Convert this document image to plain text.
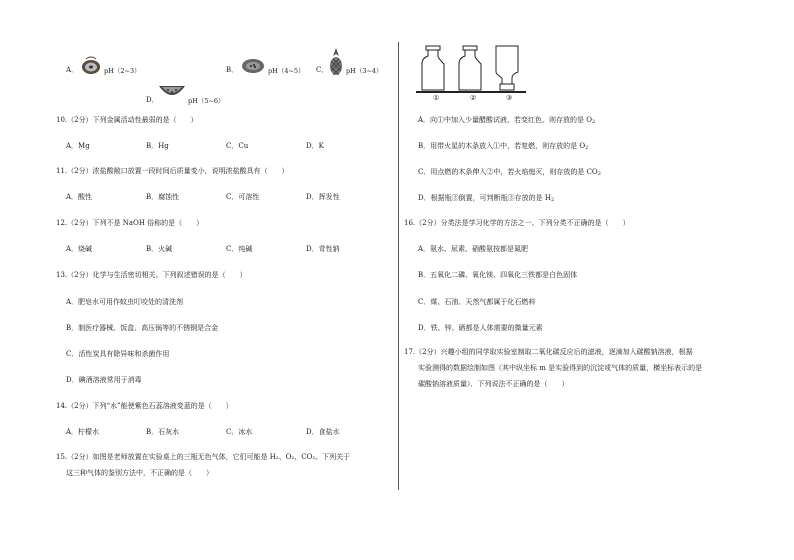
A．	pH（2~3）	B．	pH（4~5） C．	pH（3~4）
D．	pH（5~6）
10.（2分）下列金属活动性最弱的是（　　）
A．Mg	B．Hg	C．Cu	D．K
11.（2分）浓盐酸敞口放置一段时间后质量变小，说明浓盐酸具有（　　）
A．酸性	B．腐蚀性	C．可溶性	D．挥发性
12.（2分）下列不是 NaOH 俗称的是（　　）
A．烧碱	B．火碱	C．纯碱	D．苛性钠
13.（2分）化学与生活密切相关。下列叙述错误的是（　　）
A．肥皂水可用作蚊虫叮咬处的清洗剂
B．制医疗器械、饭盒、高压锅等的不锈钢是合金
C．活性炭具有除异味和杀菌作用
D．碘酒溶液常用于消毒
14.（2分）下列“水”能使紫色石蕊溶液变蓝的是（　　）
A．柠檬水	B．石灰水	C．冰水	D．食盐水
15.（2分）如图是老师放置在实验桌上的三瓶无色气体，它们可能是 H₂、O₂、CO₂。下列关于
这三种气体的鉴别方法中，不正确的是（　　）
①	②	③
A．向①中加入少量醋酸试液，若变红色，则存放的是 $O_2$
B．用带火星的木条放入①中，若复燃，则存放的是 $O_2$
C．用点燃的木条伸入②中，若火焰熄灭，则存放的是 $CO_2$
D．根据瓶③倒置，可判断瓶③存放的是 $H_2$
16.（2分）分类法是学习化学的方法之一。下列分类不正确的是（　　）
A．氨水、尿素、硝酸氨按都是氮肥
B．五氧化二磷、氧化镁、四氧化三铁都是白色固体
C．煤、石油、天然气都属于化石燃料
D．铁、锌、硒都是人体需要的微量元素
17.（2分）兴趣小组的同学取实验室制取二氧化碳反应后的滤液，逐滴加入碳酸钠溶液，根据
实验测得的数据绘制如图（其中纵坐标 m 是实验得到的沉淀或气体的质量，横坐标表示的是
碳酸钠溶液质量）．下列说法不正确的是（　　）
